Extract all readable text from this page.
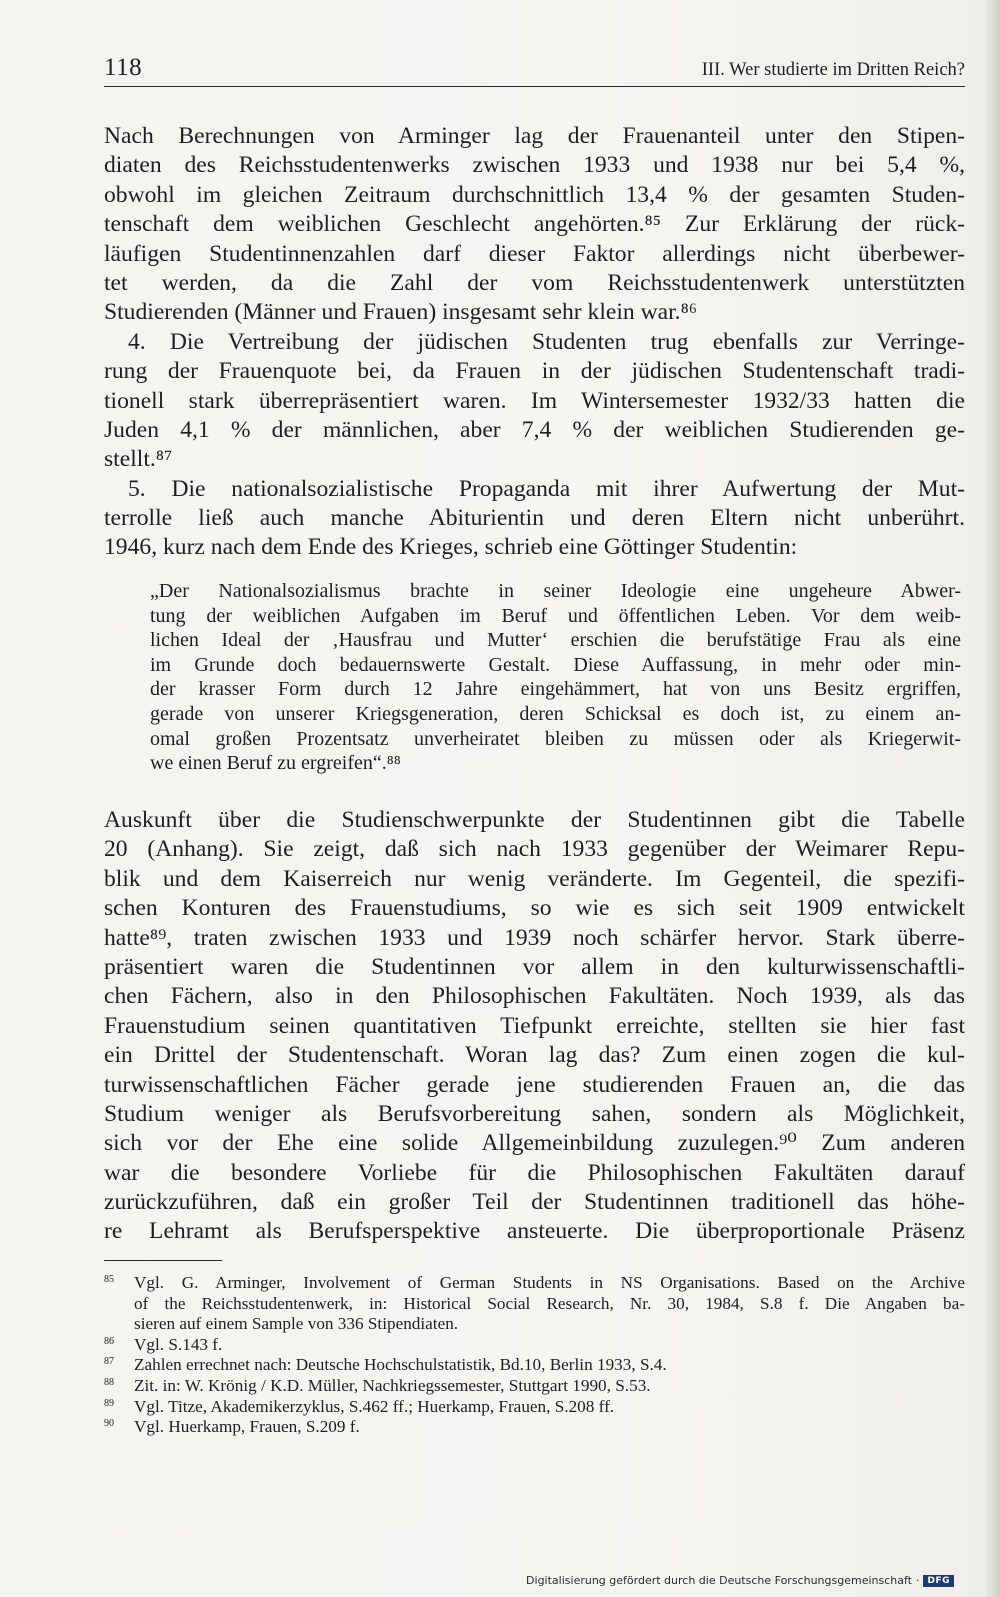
118	III. Wer studierte im Dritten Reich?
Nach Berechnungen von Arminger lag der Frauenanteil unter den Stipen-
diaten des Reichsstudentenwerks zwischen 1933 und 1938 nur bei 5,4 %,
obwohl im gleichen Zeitraum durchschnittlich 13,4 % der gesamten Studen-
tenschaft dem weiblichen Geschlecht angehörten.⁸⁵ Zur Erklärung der rück-
läufigen Studentinnenzahlen darf dieser Faktor allerdings nicht überbewer-
tet werden, da die Zahl der vom Reichsstudentenwerk unterstützten
Studierenden (Männer und Frauen) insgesamt sehr klein war.⁸⁶
4. Die Vertreibung der jüdischen Studenten trug ebenfalls zur Verringe-
rung der Frauenquote bei, da Frauen in der jüdischen Studentenschaft tradi-
tionell stark überrepräsentiert waren. Im Wintersemester 1932/33 hatten die
Juden 4,1 % der männlichen, aber 7,4 % der weiblichen Studierenden ge-
stellt.⁸⁷
5. Die nationalsozialistische Propaganda mit ihrer Aufwertung der Mut-
terrolle ließ auch manche Abiturientin und deren Eltern nicht unberührt.
1946, kurz nach dem Ende des Krieges, schrieb eine Göttinger Studentin:
„Der Nationalsozialismus brachte in seiner Ideologie eine ungeheure Abwer-
tung der weiblichen Aufgaben im Beruf und öffentlichen Leben. Vor dem weib-
lichen Ideal der ‚Hausfrau und Mutter‘ erschien die berufstätige Frau als eine
im Grunde doch bedauernswerte Gestalt. Diese Auffassung, in mehr oder min-
der krasser Form durch 12 Jahre eingehämmert, hat von uns Besitz ergriffen,
gerade von unserer Kriegsgeneration, deren Schicksal es doch ist, zu einem an-
omal großen Prozentsatz unverheiratet bleiben zu müssen oder als Kriegerwit-
we einen Beruf zu ergreifen“.⁸⁸
Auskunft über die Studienschwerpunkte der Studentinnen gibt die Tabelle
20 (Anhang). Sie zeigt, daß sich nach 1933 gegenüber der Weimarer Repu-
blik und dem Kaiserreich nur wenig veränderte. Im Gegenteil, die spezifi-
schen Konturen des Frauenstudiums, so wie es sich seit 1909 entwickelt
hatte⁸⁹, traten zwischen 1933 und 1939 noch schärfer hervor. Stark überre-
präsentiert waren die Studentinnen vor allem in den kulturwissenschaftli-
chen Fächern, also in den Philosophischen Fakultäten. Noch 1939, als das
Frauenstudium seinen quantitativen Tiefpunkt erreichte, stellten sie hier fast
ein Drittel der Studentenschaft. Woran lag das? Zum einen zogen die kul-
turwissenschaftlichen Fächer gerade jene studierenden Frauen an, die das
Studium weniger als Berufsvorbereitung sahen, sondern als Möglichkeit,
sich vor der Ehe eine solide Allgemeinbildung zuzulegen.⁹⁰ Zum anderen
war die besondere Vorliebe für die Philosophischen Fakultäten darauf
zurückzuführen, daß ein großer Teil der Studentinnen traditionell das höhe-
re Lehramt als Berufsperspektive ansteuerte. Die überproportionale Präsenz
85	Vgl. G. Arminger, Involvement of German Students in NS Organisations. Based on the Archive
of the Reichsstudentenwerk, in: Historical Social Research, Nr. 30, 1984, S.8 f. Die Angaben ba-
sieren auf einem Sample von 336 Stipendiaten.
86	Vgl. S.143 f.
87	Zahlen errechnet nach: Deutsche Hochschulstatistik, Bd.10, Berlin 1933, S.4.
88	Zit. in: W. Krönig / K.D. Müller, Nachkriegssemester, Stuttgart 1990, S.53.
89	Vgl. Titze, Akademikerzyklus, S.462 ff.; Huerkamp, Frauen, S.208 ff.
90	Vgl. Huerkamp, Frauen, S.209 f.
Digitalisierung gefördert durch die Deutsche Forschungsgemeinschaft · DFG
